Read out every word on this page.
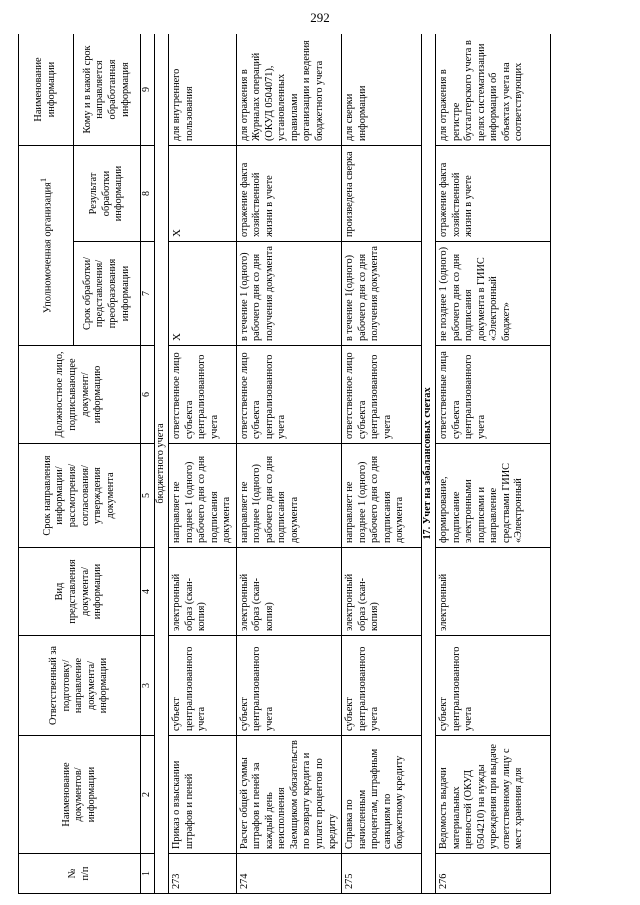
292
№
п/п	Наименование документов/ информации	Ответственный за подготовку/ направление документа/ информации	Вид представления документа/ информации	Срок направления информации/ рассмотрения/ согласования/ утверждения документа	Должностное лицо, подписывающее документ/ информацию	Уполномоченная организация$^1$		Наименование информации
						Срок обработки/ представления/ преобразования информации	Результат обработки информации	Кому и в какой срок направляется обработанная информация
1	2	3	4	5	6	7	8	9
бюджетного учета								
273	Приказ о взыскании штрафов и пеней	субъект централизованного учета	электронный образ (скан-копия)	направляет не позднее 1 (одного) рабочего дня со дня подписания документа	ответственное лицо субъекта централизованного учета	X	X	для внутреннего пользования
274	Расчет общей суммы штрафов и пеней за каждый день неисполнения Заемщиком обязательств по возврату кредита и уплате процентов по кредиту	субъект централизованного учета	электронный образ (скан-копия)	направляет не позднее 1(одного) рабочего дня со дня подписания документа	ответственное лицо субъекта централизованного учета	в течение 1 (одного) рабочего дня со дня получения документа	отражение факта хозяйственной жизни в учете	для отражения в Журналах операций (ОКУД 0504071), установленных правилами организации и ведения бюджетного учета
275	Справка по начисленным процентам, штрафным санкциям по бюджетному кредиту	субъект централизованного учета	электронный образ (скан-копия)	направляет не позднее 1 (одного) рабочего дня со дня подписания документа	ответственное лицо субъекта централизованного учета	в течение 1(одного) рабочего дня со дня получения документа	произведена сверка	для сверки информации
17. Учет на забалансовых счетах								
276	Ведомость выдачи материальных ценностей (ОКУД 0504210) на нужды учреждения при выдаче ответственному лицу с мест хранения для	субъект централизованного учета	электронный	формирование, подписание электронными подписями и направление средствами ГИИС «Электронный	ответственные лица субъекта централизованного учета	не позднее 1 (одного) рабочего дня со дня подписания документа в ГИИС «Электронный бюджет»	отражение факта хозяйственной жизни в учете	для отражения в регистре бухгалтерского учета в целях систематизации информации об объектах учета на соответствующих
